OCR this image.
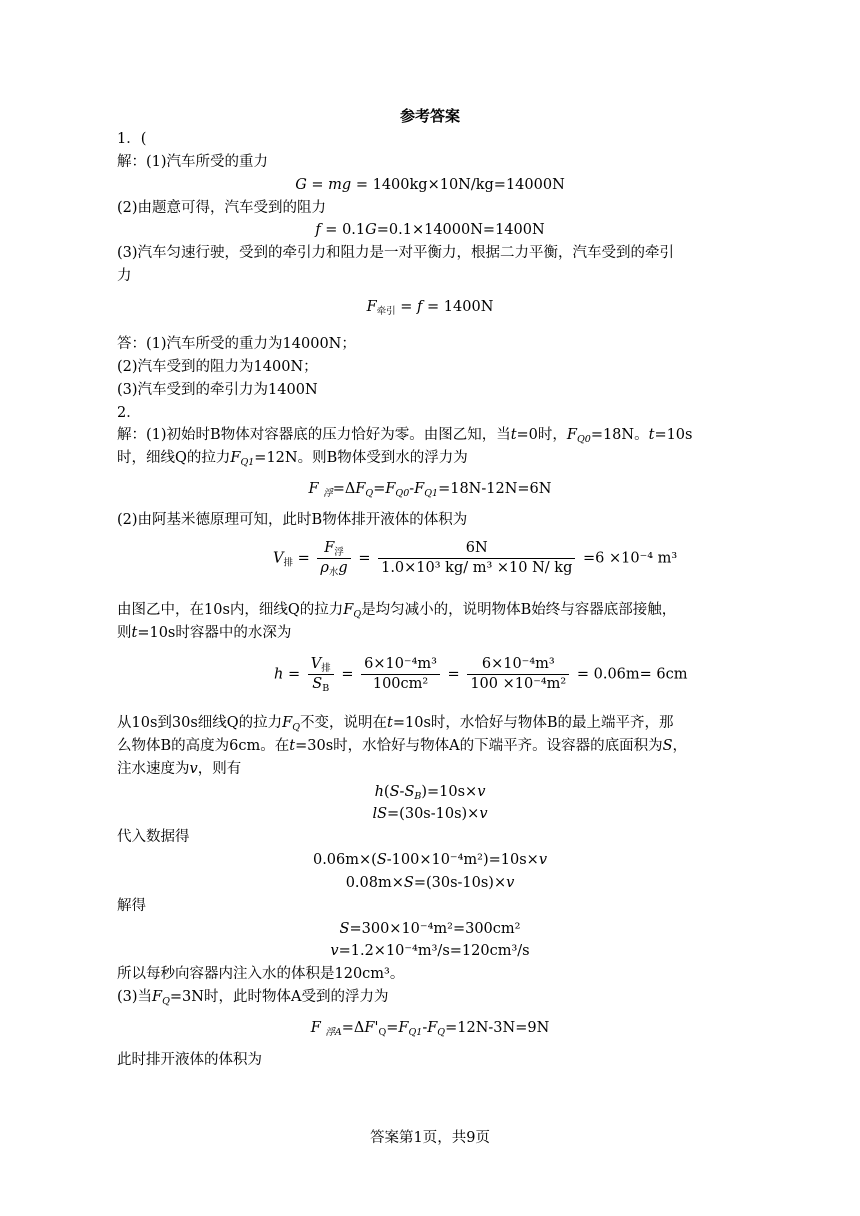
参考答案
1．(
解：(1)汽车所受的重力
G = mg = 1400kg×10N/kg=14000N
(2)由题意可得，汽车受到的阻力
f = 0.1G=0.1×14000N=1400N
(3)汽车匀速行驶，受到的牵引力和阻力是一对平衡力，根据二力平衡，汽车受到的牵引
力
$F_{牵引} = f = 1400N$
答：(1)汽车所受的重力为14000N；
(2)汽车受到的阻力为1400N；
(3)汽车受到的牵引力为1400N
2．
解：(1)初始时B物体对容器底的压力恰好为零。由图乙知，当t=0时，$F_{Q0}=18N$。t=10s
时，细线Q的拉力$F_{Q1}=12N$。则B物体受到水的浮力为
F $_浮=\Delta F_Q=F_{Q0}-F_{Q1}=18N-12N=6N$
(2)由阿基米德原理可知，此时B物体排开液体的体积为
$V_排 = \frac{F_浮}{\rho_水g} = \frac{6N}{\text{1.0×10³ kg/ m³ ×10 N/ kg}} =6 \times 10^{-4}$ m³
由图乙中，在10s内，细线Q的拉力$F_Q$是均匀减小的，说明物体B始终与容器底部接触，
则t=10s时容器中的水深为
$h = \frac{V_排}{S_B} = \frac{\text{6×10⁻⁴m³}}{\text{100cm²}} = \frac{\text{6×10⁻⁴m³}}{\text{100 ×10⁻⁴m²}} = 0.06m= 6cm$
从10s到30s细线Q的拉力$F_Q$不变，说明在t=10s时，水恰好与物体B的最上端平齐，那
么物体B的高度为6cm。在t=30s时，水恰好与物体A的下端平齐。设容器的底面积为S，
注水速度为v，则有
$h(S-S_B)=10s\times v$
lS=(30s-10s)×v
代入数据得
0.06m×(S-100×10⁻⁴m²)=10s×v
0.08m×S=(30s-10s)×v
解得
S=300×10⁻⁴m²=300cm²
v=1.2×10⁻⁴m³/s=120cm³/s
所以每秒向容器内注入水的体积是120cm³。
(3)当$F_Q=3N$时，此时物体A受到的浮力为
F $_{浮A}=\Delta F'_Q=F_{Q1}-F_Q=12N-3N=9N$
此时排开液体的体积为
答案第1页，共9页
